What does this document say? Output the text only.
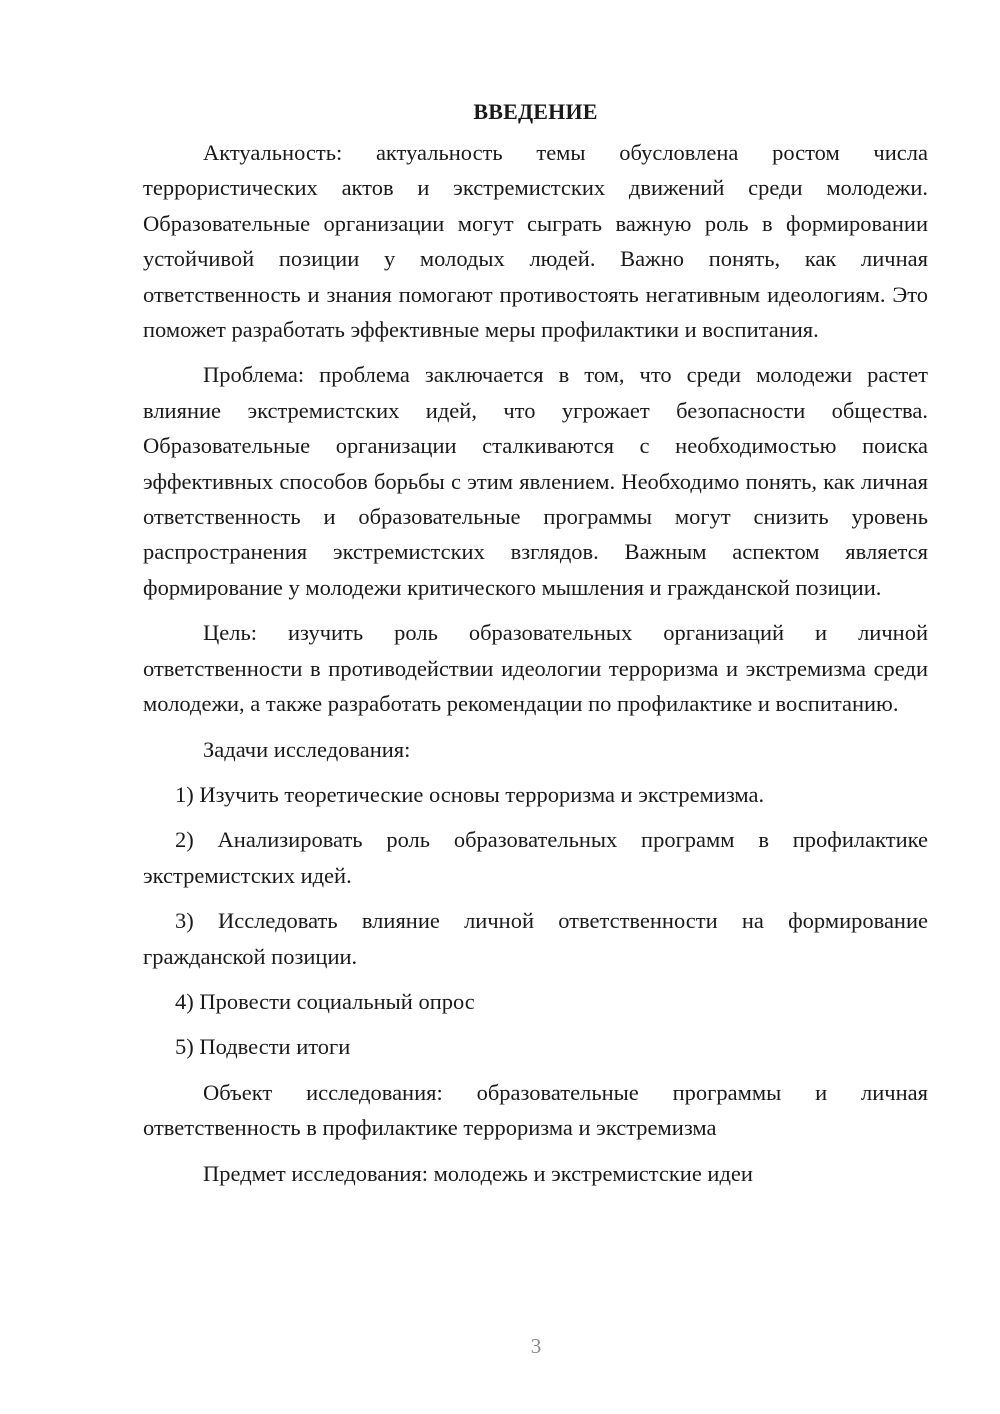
ВВЕДЕНИЕ

Актуальность: актуальность темы обусловлена ростом числа террористических актов и экстремистских движений среди молодежи. Образовательные организации могут сыграть важную роль в формировании устойчивой позиции у молодых людей. Важно понять, как личная ответственность и знания помогают противостоять негативным идеологиям. Это поможет разработать эффективные меры профилактики и воспитания.

Проблема: проблема заключается в том, что среди молодежи растет влияние экстремистских идей, что угрожает безопасности общества. Образовательные организации сталкиваются с необходимостью поиска эффективных способов борьбы с этим явлением. Необходимо понять, как личная ответственность и образовательные программы могут снизить уровень распространения экстремистских взглядов. Важным аспектом является формирование у молодежи критического мышления и гражданской позиции.

Цель: изучить роль образовательных организаций и личной ответственности в противодействии идеологии терроризма и экстремизма среди молодежи, а также разработать рекомендации по профилактике и воспитанию.

Задачи исследования:

1) Изучить теоретические основы терроризма и экстремизма.

2) Анализировать роль образовательных программ в профилактике экстремистских идей.

3) Исследовать влияние личной ответственности на формирование гражданской позиции.

4) Провести социальный опрос

5) Подвести итоги

Объект исследования: образовательные программы и личная ответственность в профилактике терроризма и экстремизма

Предмет исследования: молодежь и экстремистские идеи

3
